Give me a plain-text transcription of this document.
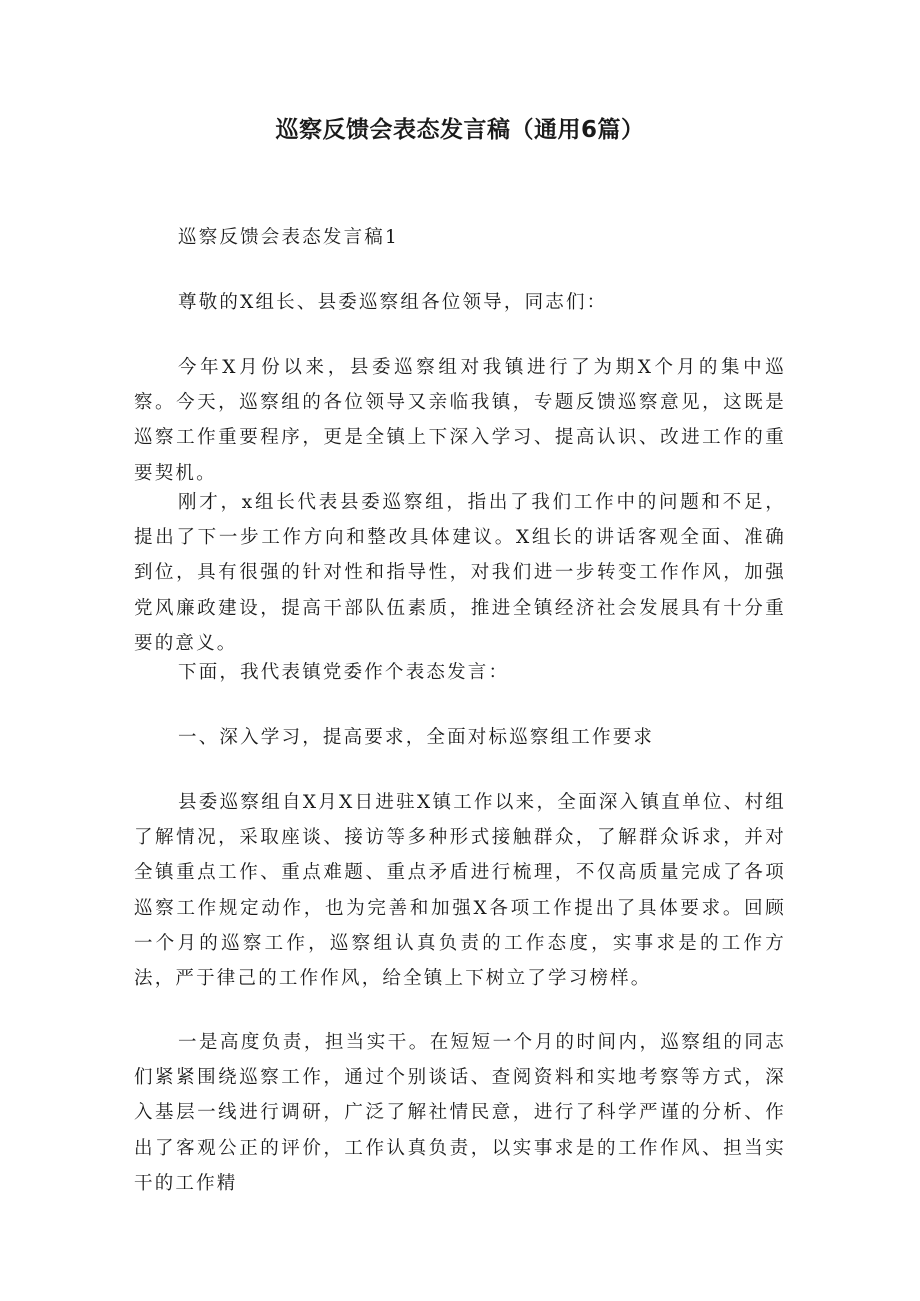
巡察反馈会表态发言稿（通用6篇）

巡察反馈会表态发言稿1

尊敬的X组长、县委巡察组各位领导，同志们：

今年X月份以来，县委巡察组对我镇进行了为期X个月的集中巡察。今天，巡察组的各位领导又亲临我镇，专题反馈巡察意见，这既是巡察工作重要程序，更是全镇上下深入学习、提高认识、改进工作的重要契机。

刚才，x组长代表县委巡察组，指出了我们工作中的问题和不足，提出了下一步工作方向和整改具体建议。X组长的讲话客观全面、准确到位，具有很强的针对性和指导性，对我们进一步转变工作作风，加强党风廉政建设，提高干部队伍素质，推进全镇经济社会发展具有十分重要的意义。

下面，我代表镇党委作个表态发言：

一、深入学习，提高要求，全面对标巡察组工作要求

县委巡察组自X月X日进驻X镇工作以来，全面深入镇直单位、村组了解情况，采取座谈、接访等多种形式接触群众，了解群众诉求，并对全镇重点工作、重点难题、重点矛盾进行梳理，不仅高质量完成了各项巡察工作规定动作，也为完善和加强X各项工作提出了具体要求。回顾一个月的巡察工作，巡察组认真负责的工作态度，实事求是的工作方法，严于律己的工作作风，给全镇上下树立了学习榜样。

一是高度负责，担当实干。在短短一个月的时间内，巡察组的同志们紧紧围绕巡察工作，通过个别谈话、查阅资料和实地考察等方式，深入基层一线进行调研，广泛了解社情民意，进行了科学严谨的分析、作出了客观公正的评价，工作认真负责，以实事求是的工作作风、担当实干的工作精
